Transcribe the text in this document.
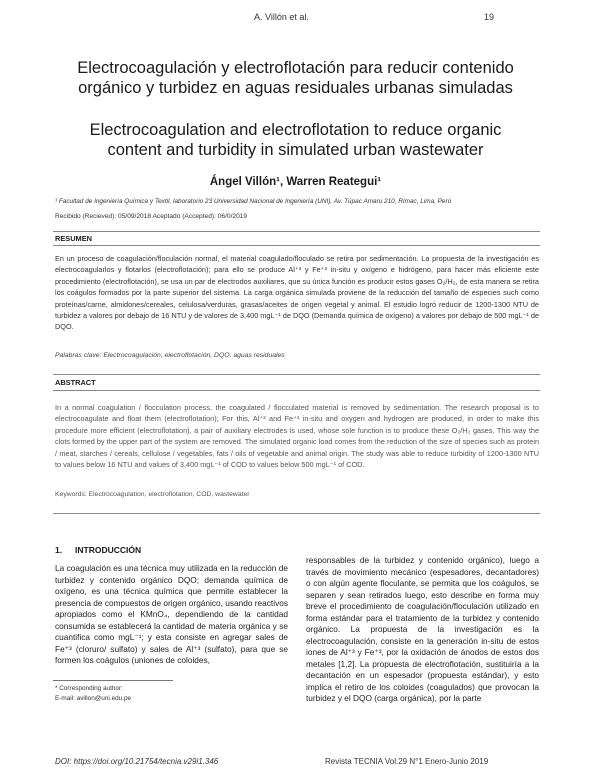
A. Villón et al.	19
Electrocoagulación y electroflotación para reducir contenido
orgánico y turbidez en aguas residuales urbanas simuladas
Electrocoagulation and electroflotation to reduce organic
content and turbidity in simulated urban wastewater
Ángel Villón¹, Warren Reategui¹
¹ Facultad de Ingeniería Química y Textil, laboratorio 23 Universidad Nacional de Ingeniería (UNI), Av. Túpac Amaru 210, Rímac, Lima, Perú
Recibido (Recieved): 05/09/2018 Aceptado (Accepted): 06/0/2019
RESUMEN

En un proceso de coagulación/floculación normal, el material coagulado/floculado se retira por sedimentación. La propuesta de la investigación es electrocoagularlos y flotarlos (electroflotación); para ello se produce Al⁺³ y Fe⁺³ in-situ y oxígeno e hidrógeno, para hacer más eficiente este procedimiento (electroflotación), se usa un par de electrodos auxiliares, que su única función es producir estos gases O₂/H₂, de esta manera se retira los coágulos formados por la parte superior del sistema. La carga orgánica simulada proviene de la reducción del tamaño de especies such como proteínas/carne, almidones/cereales, celulosa/verduras, grasas/aceites de origen vegetal y animal. El estudio logró reducir de 1200-1300 NTU de turbidez a valores por debajo de 16 NTU y de valores de 3,400 mgL⁻¹ de DQO (Demanda química de oxígeno) a valores por debajo de 500 mgL⁻¹ de DQO.

Palabras clave: Electrocoagulación, electroflotación, DQO, aguas residuales
ABSTRACT

In a normal coagulation / flocculation process, the coagulated / flocculated material is removed by sedimentation. The research proposal is to electrocoagulate and float them (electroflotation); For this, Al⁺³ and Fe⁺³ in-situ and oxygen and hydrogen are produced, in order to make this procedure more efficient (electroflotation), a pair of auxiliary electrodes is used, whose sole function is to produce these O₂/H₂ gases, This way the clots formed by the upper part of the system are removed. The simulated organic load comes from the reduction of the size of species such as protein / meat, starches / cereals, cellulose / vegetables, fats / oils of vegetable and animal origin. The study was able to reduce turbidity of 1200-1300 NTU to values below 16 NTU and values of 3,400 mgL⁻¹ of COD to values below 500 mgL⁻¹ of COD.

Keywords: Electrocoagulation, electroflotation, COD, wastewater
1. INTRODUCCIÓN

La coagulación es una técnica muy utilizada en la reducción de turbidez y contenido orgánico DQO; demanda química de oxígeno, es una técnica química que permite establecer la presencia de compuestos de origen orgánico, usando reactivos apropiados como el KMnO₄, dependiendo de la cantidad consumida se establecerá la cantidad de materia orgánica y se cuantifica como mgL⁻¹; y esta consiste en agregar sales de Fe⁺³ (cloruro/ sulfato) y sales de Al⁺³ (sulfato), para que se formen los coágulos (uniones de coloides,

responsables de la turbidez y contenido orgánico), luego a través de movimiento mecánico (espesadores, decantadores) o con algún agente floculante, se permita que los coágulos, se separen y sean retirados luego, esto describe en forma muy breve el procedimiento de coagulación/floculación utilizado en forma estándar para el tratamiento de la turbidez y contenido orgánico. La propuesta de la investigación es la electrocoagulación, consiste en la generación in-situ de estos iones de Al⁺³ y Fe⁺³, por la oxidación de ánodos de estos dos metales [1,2]. La propuesta de electroflotación, sustituiría a la decantación en un espesador (propuesta estándar), y esto implica el retiro de los coloides (coagulados) que provocan la turbidez y el DQO (carga orgánica), por la parte

* Corresponding author:
E-mail: avillon@uni.edu.pe
DOI: https://doi.org/10.21754/tecnia.v29i1.346	Revista TECNIA Vol.29 N°1 Enero-Junio 2019
